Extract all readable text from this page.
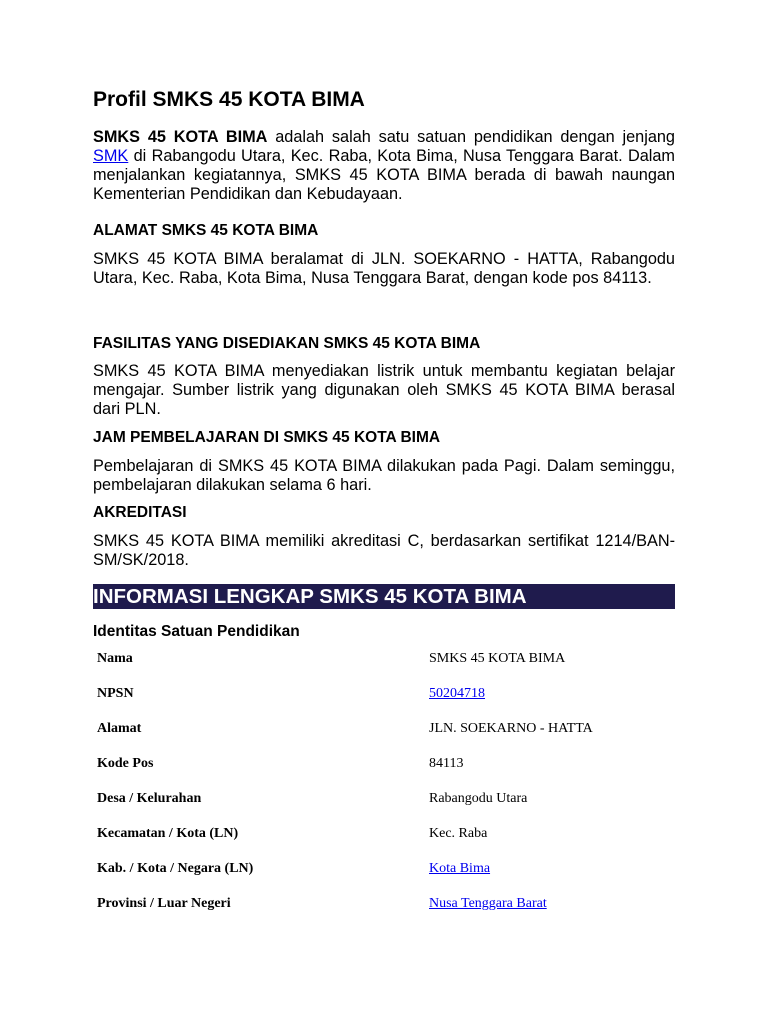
Profil SMKS 45 KOTA BIMA

SMKS 45 KOTA BIMA adalah salah satu satuan pendidikan dengan jenjang SMK di Rabangodu Utara, Kec. Raba, Kota Bima, Nusa Tenggara Barat. Dalam menjalankan kegiatannya, SMKS 45 KOTA BIMA berada di bawah naungan Kementerian Pendidikan dan Kebudayaan.

ALAMAT SMKS 45 KOTA BIMA

SMKS 45 KOTA BIMA beralamat di JLN. SOEKARNO - HATTA, Rabangodu Utara, Kec. Raba, Kota Bima, Nusa Tenggara Barat, dengan kode pos 84113.

FASILITAS YANG DISEDIAKAN SMKS 45 KOTA BIMA

SMKS 45 KOTA BIMA menyediakan listrik untuk membantu kegiatan belajar mengajar. Sumber listrik yang digunakan oleh SMKS 45 KOTA BIMA berasal dari PLN.

JAM PEMBELAJARAN DI SMKS 45 KOTA BIMA

Pembelajaran di SMKS 45 KOTA BIMA dilakukan pada Pagi. Dalam seminggu, pembelajaran dilakukan selama 6 hari.

AKREDITASI

SMKS 45 KOTA BIMA memiliki akreditasi C, berdasarkan sertifikat 1214/BAN-SM/SK/2018.

INFORMASI LENGKAP SMKS 45 KOTA BIMA
Identitas Satuan Pendidikan
Nama	SMKS 45 KOTA BIMA
NPSN	50204718
Alamat	JLN. SOEKARNO - HATTA
Kode Pos	84113
Desa / Kelurahan	Rabangodu Utara
Kecamatan / Kota (LN)	Kec. Raba
Kab. / Kota / Negara (LN)	Kota Bima
Provinsi / Luar Negeri	Nusa Tenggara Barat
